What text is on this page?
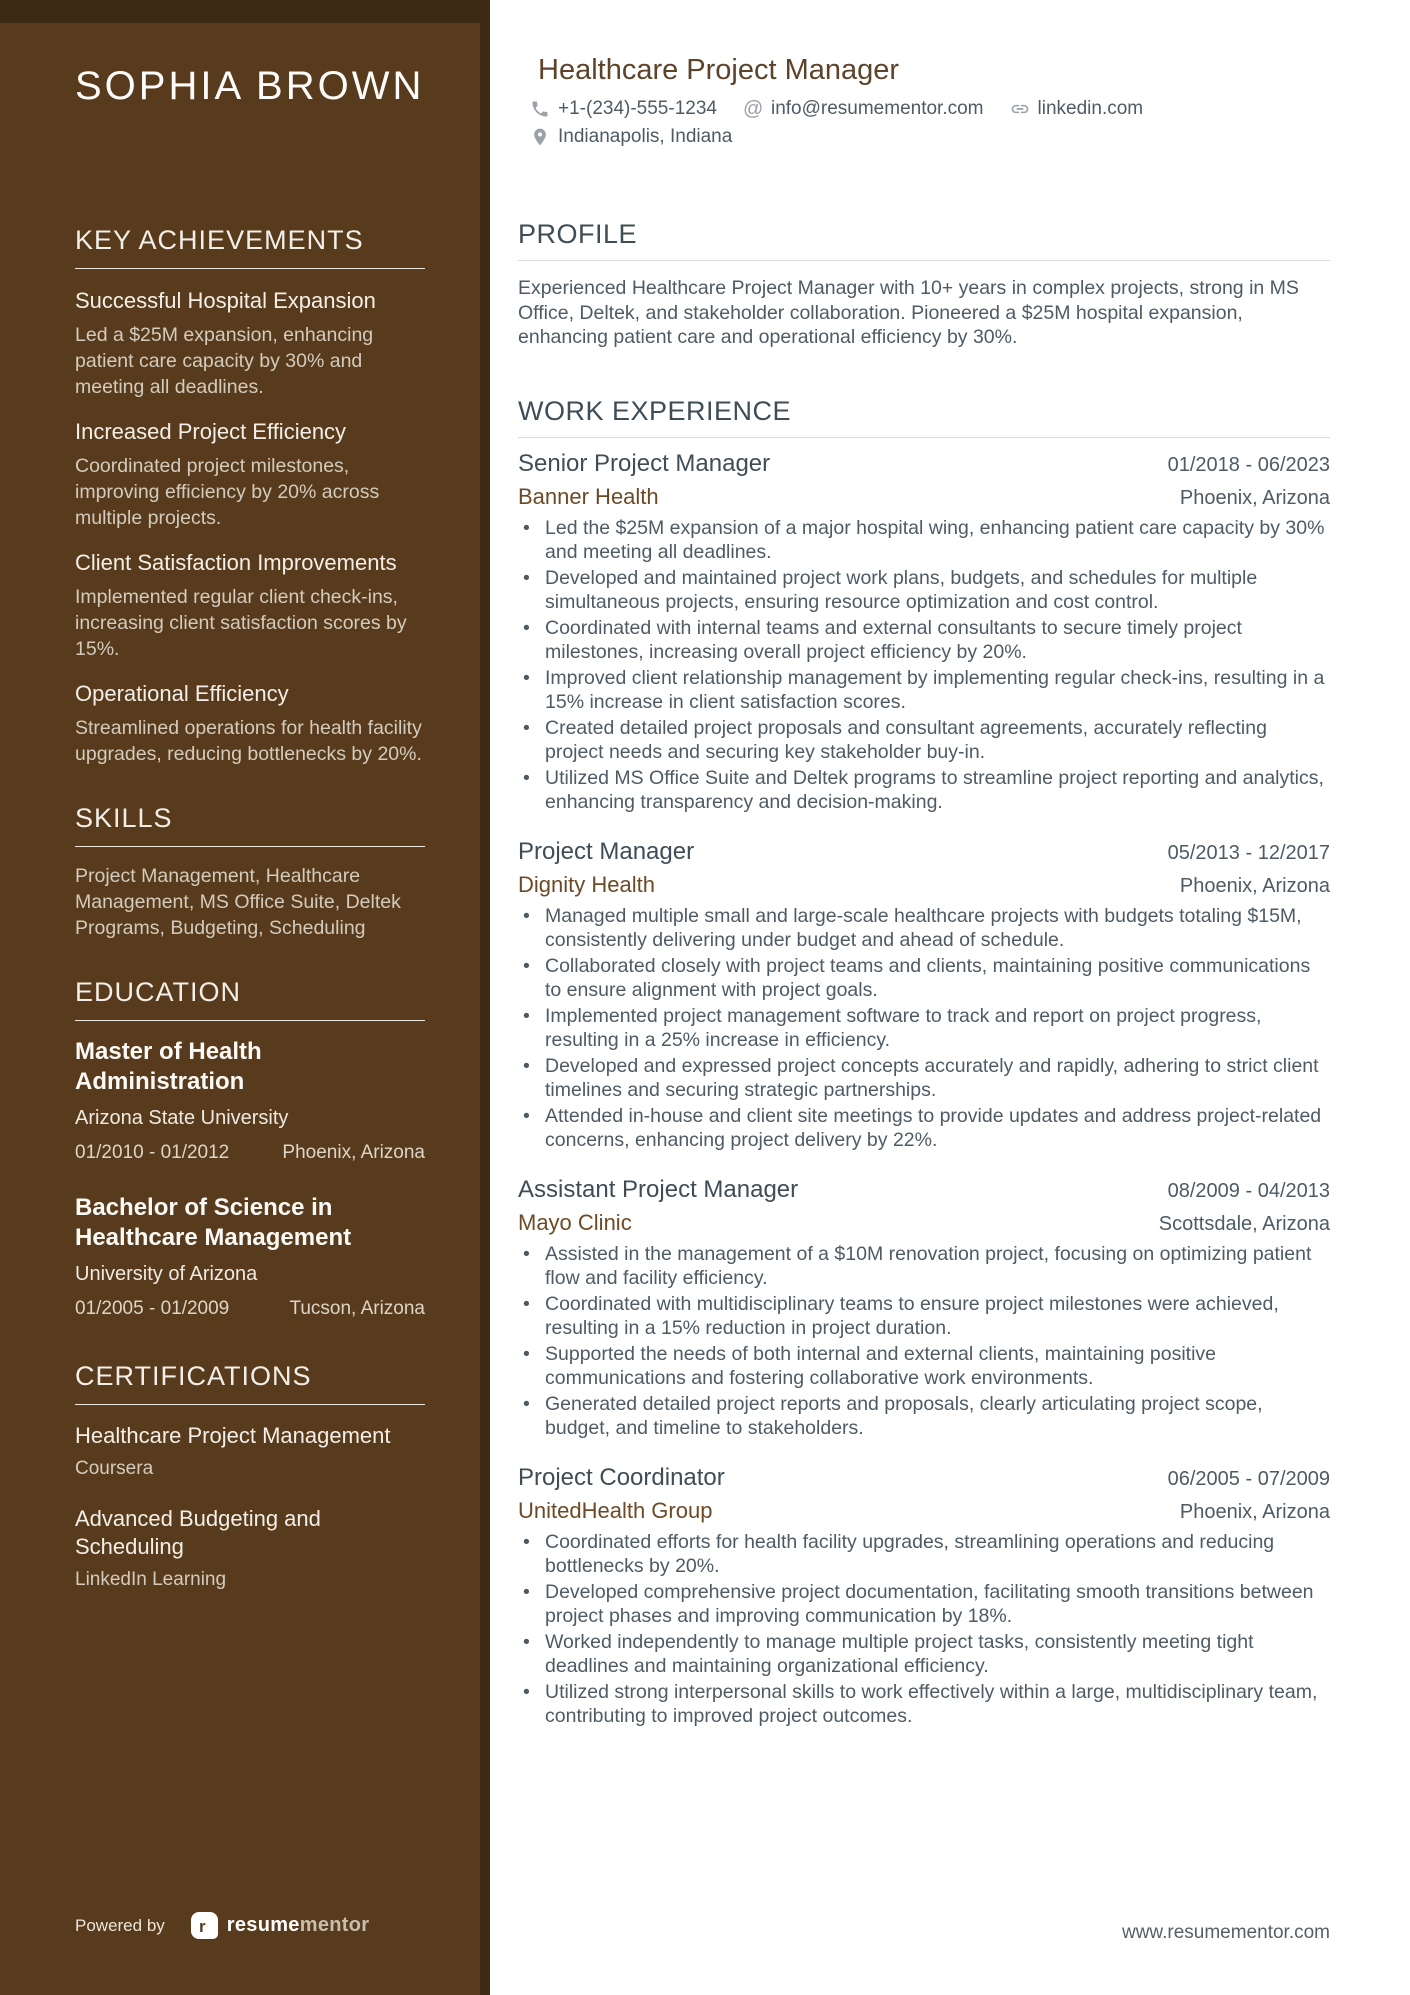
SOPHIA BROWN
KEY ACHIEVEMENTS
Successful Hospital Expansion

Led a $25M expansion, enhancing patient care capacity by 30% and meeting all deadlines.

Increased Project Efficiency

Coordinated project milestones, improving efficiency by 20% across multiple projects.

Client Satisfaction Improvements

Implemented regular client check-ins, increasing client satisfaction scores by 15%.

Operational Efficiency

Streamlined operations for health facility upgrades, reducing bottlenecks by 20%.

SKILLS

Project Management, Healthcare Management, MS Office Suite, Deltek Programs, Budgeting, Scheduling

EDUCATION
Master of Health Administration
Arizona State University
01/2010 - 01/2012	Phoenix, Arizona
Bachelor of Science in Healthcare Management
University of Arizona
01/2005 - 01/2009	Tucson, Arizona
CERTIFICATIONS
Healthcare Project Management
Coursera
Advanced Budgeting and Scheduling
LinkedIn Learning
Powered by r resumementor
Healthcare Project Manager
+1-(234)-555-1234 @ info@resumementor.com	linkedin.com
Indianapolis, Indiana
PROFILE

Experienced Healthcare Project Manager with 10+ years in complex projects, strong in MS Office, Deltek, and stakeholder collaboration. Pioneered a $25M hospital expansion, enhancing patient care and operational efficiency by 30%.

WORK EXPERIENCE
Senior Project Manager	01/2018 - 06/2023
Banner Health	Phoenix, Arizona
• Led the $25M expansion of a major hospital wing, enhancing patient care capacity by 30% and meeting all deadlines.
• Developed and maintained project work plans, budgets, and schedules for multiple simultaneous projects, ensuring resource optimization and cost control.
• Coordinated with internal teams and external consultants to secure timely project milestones, increasing overall project efficiency by 20%.
• Improved client relationship management by implementing regular check-ins, resulting in a 15% increase in client satisfaction scores.
• Created detailed project proposals and consultant agreements, accurately reflecting project needs and securing key stakeholder buy-in.
• Utilized MS Office Suite and Deltek programs to streamline project reporting and analytics, enhancing transparency and decision-making.
Project Manager	05/2013 - 12/2017
Dignity Health	Phoenix, Arizona
• Managed multiple small and large-scale healthcare projects with budgets totaling $15M, consistently delivering under budget and ahead of schedule.
• Collaborated closely with project teams and clients, maintaining positive communications to ensure alignment with project goals.
• Implemented project management software to track and report on project progress, resulting in a 25% increase in efficiency.
• Developed and expressed project concepts accurately and rapidly, adhering to strict client timelines and securing strategic partnerships.
• Attended in-house and client site meetings to provide updates and address project-related concerns, enhancing project delivery by 22%.
Assistant Project Manager	08/2009 - 04/2013
Mayo Clinic	Scottsdale, Arizona
• Assisted in the management of a $10M renovation project, focusing on optimizing patient flow and facility efficiency.
• Coordinated with multidisciplinary teams to ensure project milestones were achieved, resulting in a 15% reduction in project duration.
• Supported the needs of both internal and external clients, maintaining positive communications and fostering collaborative work environments.
• Generated detailed project reports and proposals, clearly articulating project scope, budget, and timeline to stakeholders.
Project Coordinator	06/2005 - 07/2009
UnitedHealth Group	Phoenix, Arizona
• Coordinated efforts for health facility upgrades, streamlining operations and reducing bottlenecks by 20%.
• Developed comprehensive project documentation, facilitating smooth transitions between project phases and improving communication by 18%.
• Worked independently to manage multiple project tasks, consistently meeting tight deadlines and maintaining organizational efficiency.
• Utilized strong interpersonal skills to work effectively within a large, multidisciplinary team, contributing to improved project outcomes.
www.resumementor.com
